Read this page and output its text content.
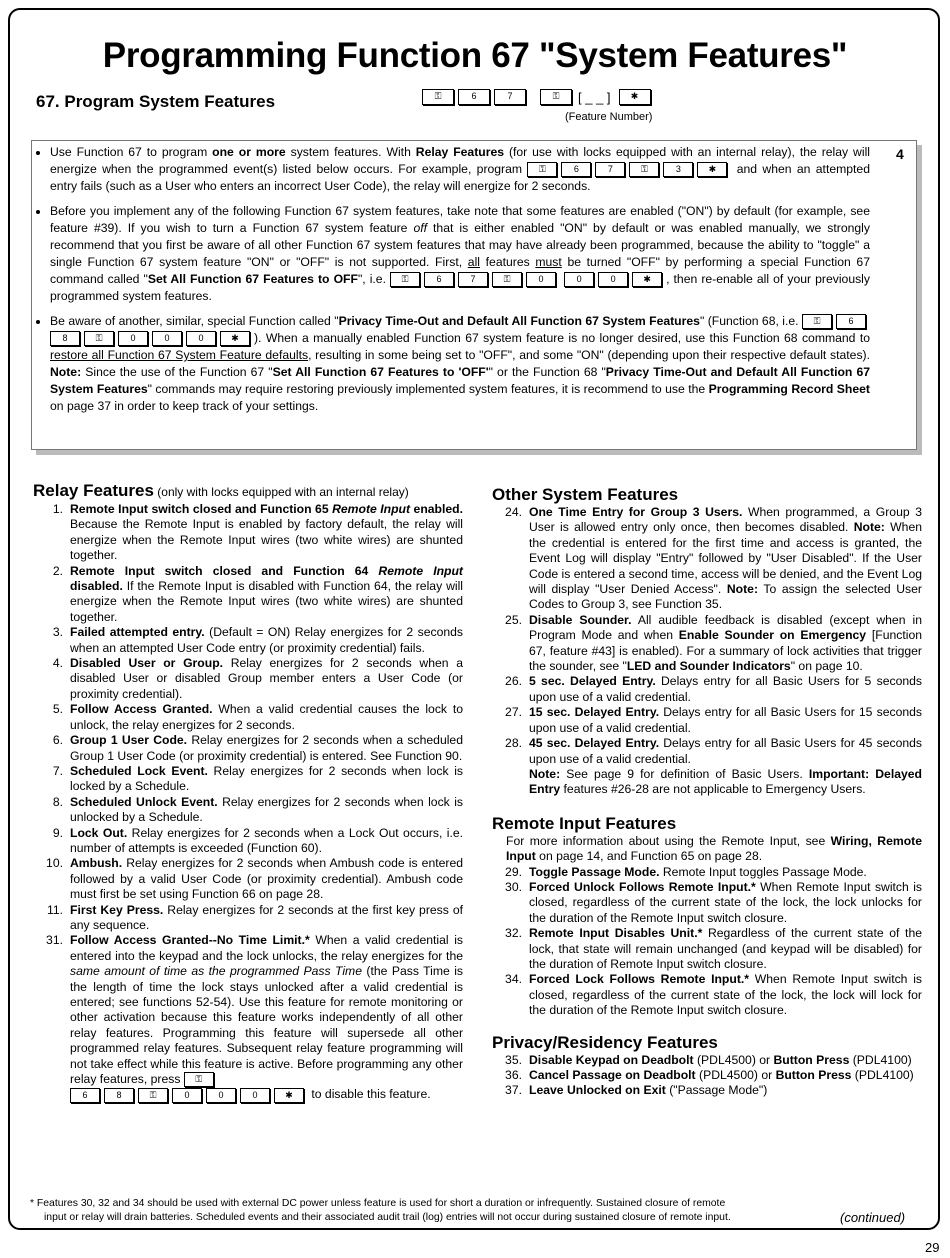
Programming Function 67 "System Features"
67. Program System Features	⚿	6	7	⚿	[ _ _ ]	✱
(Feature Number)
4
• Use Function 67 to program one or more system features. With Relay Features (for use with locks equipped with an internal relay), the relay will energize when the programmed event(s) listed below occurs. For example, program ⚿	6	7	⚿	3	✱ and when an attempted entry fails (such as a User who enters an incorrect User Code), the relay will energize for 2 seconds.
• Before you implement any of the following Function 67 system features, take note that some features are enabled ("ON") by default (for example, see feature #39). If you wish to turn a Function 67 system feature off that is either enabled "ON" by default or was enabled manually, we strongly recommend that you first be aware of all other Function 67 system features that may have already been programmed, because the ability to "toggle" a single Function 67 system feature "ON" or "OFF" is not supported. First, all features must be turned "OFF" by performing a special Function 67 command called "Set All Function 67 Features to OFF", i.e. ⚿	6	7	⚿	0	0	0	✱ , then re-enable all of your previously programmed system features.
• Be aware of another, similar, special Function called "Privacy Time-Out and Default All Function 67 System Features" (Function 68, i.e. ⚿	68	⚿	0	0	0	✱ ). When a manually enabled Function 67 system feature is no longer desired, use this Function 68 command to restore all Function 67 System Feature defaults, resulting in some being set to "OFF", and some "ON" (depending upon their respective default states). Note: Since the use of the Function 67 "Set All Function 67 Features to 'OFF'" or the Function 68 "Privacy Time-Out and Default All Function 67 System Features" commands may require restoring previously implemented system features, it is recommend to use the Programming Record Sheet on page 37 in order to keep track of your settings.
Relay Features (only with locks equipped with an internal relay)
1. Remote Input switch closed and Function 65 Remote Input enabled. Because the Remote Input is enabled by factory default, the relay will energize when the Remote Input wires (two white wires) are shunted together.
2. Remote Input switch closed and Function 64 Remote Input disabled. If the Remote Input is disabled with Function 64, the relay will energize when the Remote Input wires (two white wires) are shunted together.
3. Failed attempted entry. (Default = ON) Relay energizes for 2 seconds when an attempted User Code entry (or proximity credential) fails.
4. Disabled User or Group. Relay energizes for 2 seconds when a disabled User or disabled Group member enters a User Code (or proximity credential).
5. Follow Access Granted. When a valid credential causes the lock to unlock, the relay energizes for 2 seconds.
6. Group 1 User Code. Relay energizes for 2 seconds when a scheduled Group 1 User Code (or proximity credential) is entered. See Function 90.
7. Scheduled Lock Event. Relay energizes for 2 seconds when lock is locked by a Schedule.
8. Scheduled Unlock Event. Relay energizes for 2 seconds when lock is unlocked by a Schedule.
9. Lock Out. Relay energizes for 2 seconds when a Lock Out occurs, i.e. number of attempts is exceeded (Function 60).
10. Ambush. Relay energizes for 2 seconds when Ambush code is entered followed by a valid User Code (or proximity credential). Ambush code must first be set using Function 66 on page 28.
11. First Key Press. Relay energizes for 2 seconds at the first key press of any sequence.
31. Follow Access Granted--No Time Limit.* When a valid credential is entered into the keypad and the lock unlocks, the relay energizes for the same amount of time as the programmed Pass Time (the Pass Time is the length of time the lock stays unlocked after a valid credential is entered; see functions 52-54). Use this feature for remote monitoring or other activation because this feature works independently of all other relay features. Programming this feature will supersede all other programmed relay features. Subsequent relay feature programming will not take effect while this feature is active. Before programming any other relay features, press ⚿
6	8	⚿	0	0	0	✱ to disable this feature.
Other System Features
24. One Time Entry for Group 3 Users. When programmed, a Group 3 User is allowed entry only once, then becomes disabled. Note: When the credential is entered for the first time and access is granted, the Event Log will display "Entry" followed by "User Disabled". If the User Code is entered a second time, access will be denied, and the Event Log will display "User Denied Access". Note: To assign the selected User Codes to Group 3, see Function 35.
25. Disable Sounder. All audible feedback is disabled (except when in Program Mode and when Enable Sounder on Emergency [Function 67, feature #43] is enabled). For a summary of lock activities that trigger the sounder, see "LED and Sounder Indicators" on page 10.
26. 5 sec. Delayed Entry. Delays entry for all Basic Users for 5 seconds upon use of a valid credential.
27. 15 sec. Delayed Entry. Delays entry for all Basic Users for 15 seconds upon use of a valid credential.
28. 45 sec. Delayed Entry. Delays entry for all Basic Users for 45 seconds upon use of a valid credential.
Note: See page 9 for definition of Basic Users. Important: Delayed Entry features #26-28 are not applicable to Emergency Users.
Remote Input Features

For more information about using the Remote Input, see Wiring, Remote Input on page 14, and Function 65 on page 28.

29. Toggle Passage Mode. Remote Input toggles Passage Mode.
30. Forced Unlock Follows Remote Input.* When Remote Input switch is closed, regardless of the current state of the lock, the lock unlocks for the duration of the Remote Input switch closure.
32. Remote Input Disables Unit.* Regardless of the current state of the lock, that state will remain unchanged (and keypad will be disabled) for the duration of Remote Input switch closure.
34. Forced Lock Follows Remote Input.* When Remote Input switch is closed, regardless of the current state of the lock, the lock will lock for the duration of the Remote Input switch closure.
Privacy/Residency Features
35. Disable Keypad on Deadbolt (PDL4500) or Button Press (PDL4100)
36. Cancel Passage on Deadbolt (PDL4500) or Button Press (PDL4100)
37. Leave Unlocked on Exit ("Passage Mode")
* Features 30, 32 and 34 should be used with external DC power unless feature is used for short a duration or infrequently. Sustained closure of remote
input or relay will drain batteries. Scheduled events and their associated audit trail (log) entries will not occur during sustained closure of remote input.	(continued)
29
